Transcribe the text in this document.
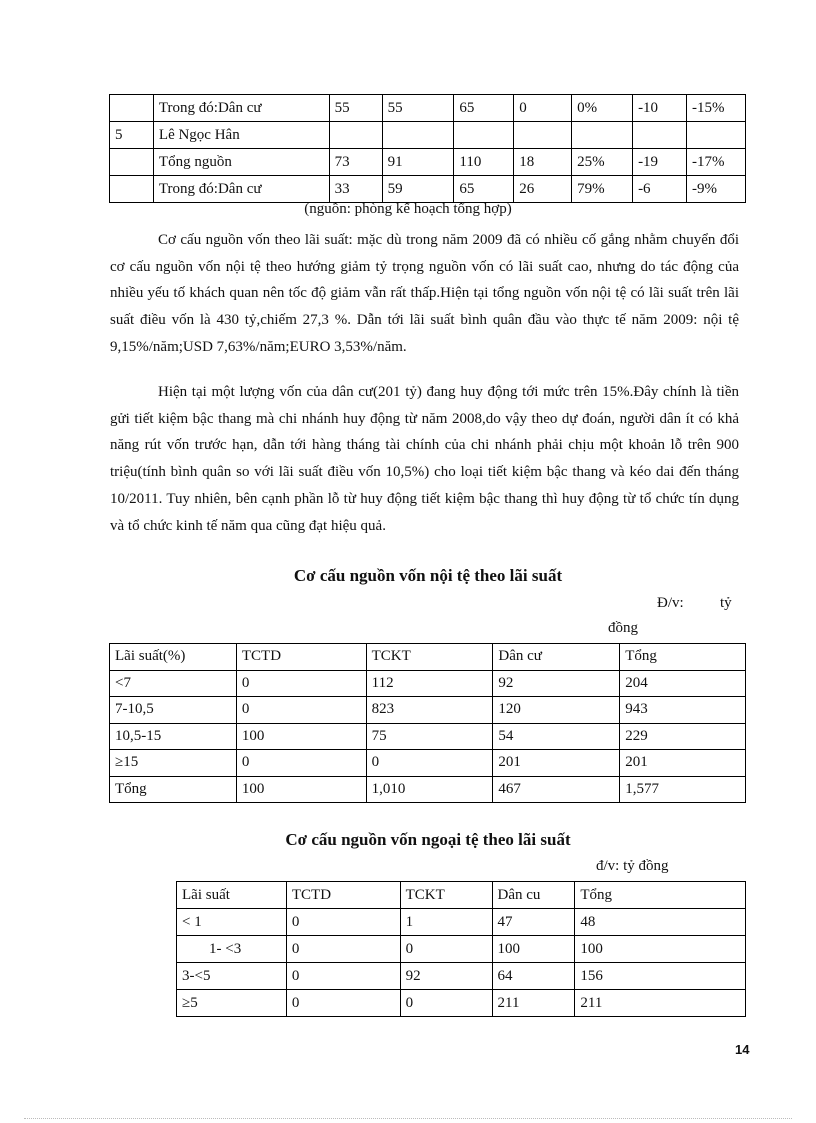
	Trong đó:Dân cư	55	55	65	0	0%	-10	-15%
5	Lê Ngọc Hân							
	Tổng nguồn	73	91	110	18	25%	-19	-17%
	Trong đó:Dân cư	33	59	65	26	79%	-6	-9%
(nguồn: phòng kế hoạch tổng hợp)

Cơ cấu nguồn vốn theo lãi suất: mặc dù trong năm 2009 đã có nhiều cố gắng nhằm chuyển đổi cơ cấu nguồn vốn nội tệ theo hướng giảm tỷ trọng nguồn vốn có lãi suất cao, nhưng do tác động của nhiều yếu tố khách quan nên tốc độ giảm vẫn rất thấp.Hiện tại tổng nguồn vốn nội tệ có lãi suất trên lãi suất điều vốn là 430 tỷ,chiếm 27,3 %. Dẫn tới lãi suất bình quân đầu vào thực tế năm 2009: nội tệ 9,15%/năm;USD 7,63%/năm;EURO 3,53%/năm.

Hiện tại một lượng vốn của dân cư(201 tỷ) đang huy động tới mức trên 15%.Đây chính là tiền gửi tiết kiệm bậc thang mà chi nhánh huy động từ năm 2008,do vậy theo dự đoán, người dân ít có khả năng rút vốn trước hạn, dẫn tới hàng tháng tài chính của chi nhánh phải chịu một khoản lỗ trên 900 triệu(tính bình quân so với lãi suất điều vốn 10,5%) cho loại tiết kiệm bậc thang và kéo dai đến tháng 10/2011. Tuy nhiên, bên cạnh phần lỗ từ huy động tiết kiệm bậc thang thì huy động từ tổ chức tín dụng và tổ chức kinh tế năm qua cũng đạt hiệu quả.

Cơ cấu nguồn vốn nội tệ theo lãi suất
Đ/v: tỷ
đồng
Lãi suất(%)	TCTD	TCKT	Dân cư	Tổng
<7	0	112	92	204
7-10,5	0	823	120	943
10,5-15	100	75	54	229
≥15	0	0	201	201
Tổng	100	1,010	467	1,577
Cơ cấu nguồn vốn ngoại tệ theo lãi suất
đ/v: tỷ đồng
Lãi suất	TCTD	TCKT	Dân cu	Tổng
< 1	0	1	47	48
1- <3	0	0	100	100
3-<5	0	92	64	156
≥5	0	0	211	211
14
